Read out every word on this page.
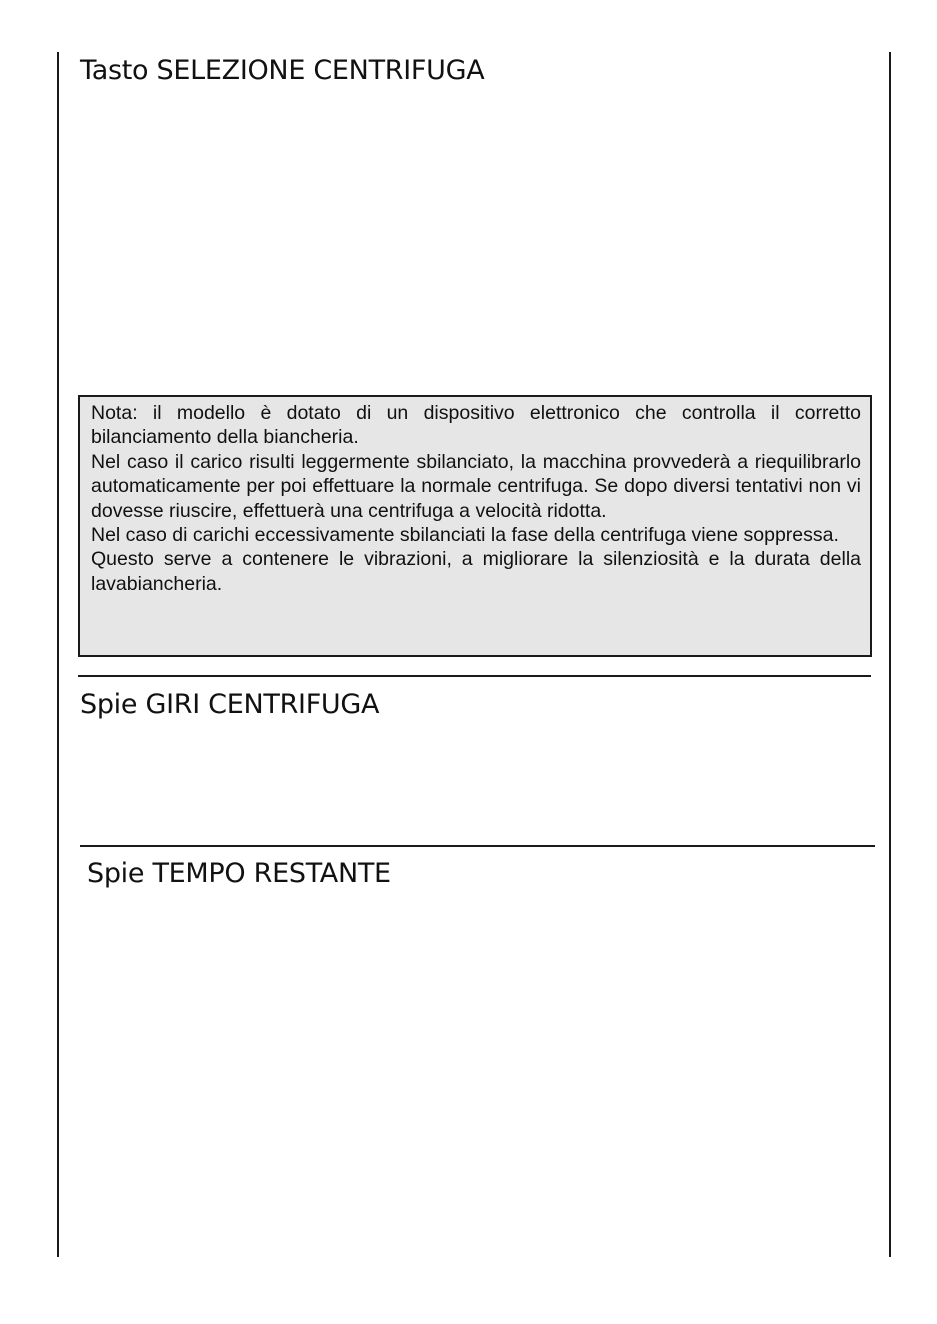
Tasto SELEZIONE CENTRIFUGA

Nota: il modello è dotato di un dispositivo elettronico che controlla il corretto bilanciamento della biancheria.

Nel caso il carico risulti leggermente sbilanciato, la macchina provvederà a riequilibrarlo automaticamente per poi effettuare la normale centrifuga. Se dopo diversi tentativi non vi dovesse riuscire, effettuerà una centrifuga a velocità ridotta.

Nel caso di carichi eccessivamente sbilanciati la fase della centrifuga viene soppressa.

Questo serve a contenere le vibrazioni, a migliorare la silenziosità e la durata della lavabiancheria.

Spie GIRI CENTRIFUGA
Spie TEMPO RESTANTE
